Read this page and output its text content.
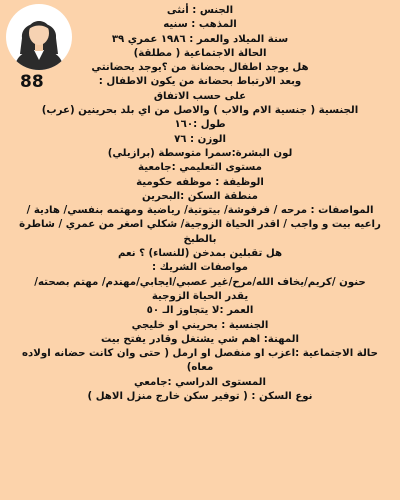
88
الجنس : أنثى
المذهب : سنيه
سنة الميلاد والعمر : ١٩٨٦ عمري ٣٩
الحالة الاجتماعية ( مطلقة)
هل يوجد اطفال بحضانة من ؟يوجد بحضانتي
وبعد الارتباط بحضانة من يكون الاطفال :
على حسب الاتفاق
الجنسية ( جنسية الام والاب ) والاصل من اي بلد بحرينين (عرب)
طول :١٦٠
الوزن : ٧٦
لون البشرة:سمرا متوسطة (برازيلي)
مستوى التعليمي :جامعية
الوظيفة : موظفه حكومية
منطقة السكن :البحرين
المواصفات : مرحه / فرفوشة/ بيتوتية/ رياضية ومهتمه بنفسي/ هادية /
راعيه بيت و واجب / اقدر الحياة الزوجية/ شكلي اصغر من عمري / شاطرة
بالطبخ
هل تقبلين بمدخن (للنساء) ؟ نعم
مواصفات الشريك :
حنون /كريم/يخاف الله/مرح/غير عصبي/ايجابي/مهندم/ مهتم بصحته/
يقدر الحياة الزوجية
العمر :لا يتجاوز الـ ٥٠
الجنسية : بحريني او خليجي
المهنة: اهم شي يشتغل وقادر يفتح بيت
حالة الاجتماعية :اعزب او منفصل او ارمل ( حتى وان كانت حضانه اولاده
معاه)
المستوى الدراسي :جامعي
نوع السكن : ( توفير سكن خارج منزل الاهل )
